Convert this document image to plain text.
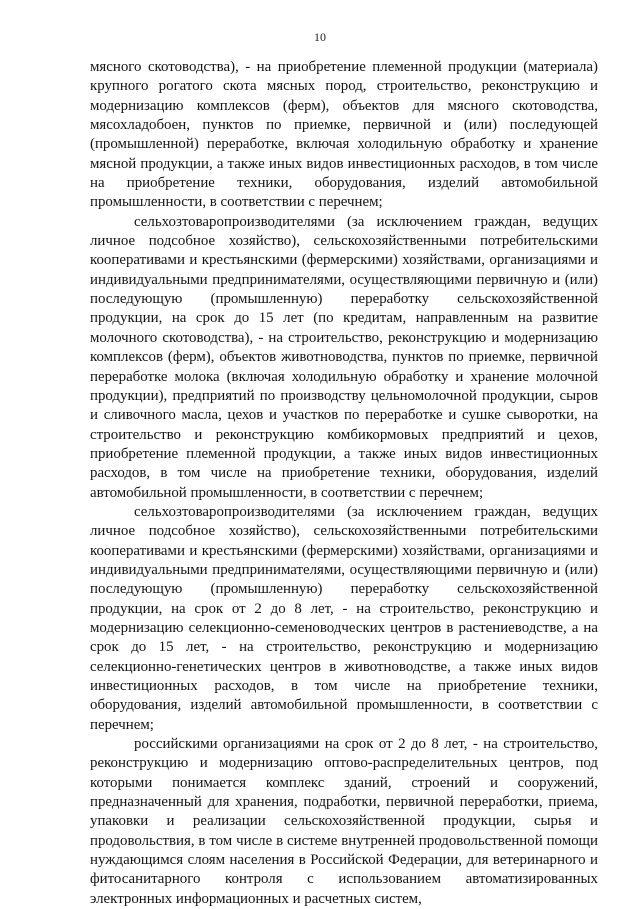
10

мясного скотоводства), - на приобретение племенной продукции (материала) крупного рогатого скота мясных пород, строительство, реконструкцию и модернизацию комплексов (ферм), объектов для мясного скотоводства, мясохладобоен, пунктов по приемке, первичной и (или) последующей (промышленной) переработке, включая холодильную обработку и хранение мясной продукции, а также иных видов инвестиционных расходов, в том числе на приобретение техники, оборудования, изделий автомобильной промышленности, в соответствии с перечнем;

сельхозтоваропроизводителями (за исключением граждан, ведущих личное подсобное хозяйство), сельскохозяйственными потребительскими кооперативами и крестьянскими (фермерскими) хозяйствами, организациями и индивидуальными предпринимателями, осуществляющими первичную и (или) последующую (промышленную) переработку сельскохозяйственной продукции, на срок до 15 лет (по кредитам, направленным на развитие молочного скотоводства), - на строительство, реконструкцию и модернизацию комплексов (ферм), объектов животноводства, пунктов по приемке, первичной переработке молока (включая холодильную обработку и хранение молочной продукции), предприятий по производству цельномолочной продукции, сыров и сливочного масла, цехов и участков по переработке и сушке сыворотки, на строительство и реконструкцию комбикормовых предприятий и цехов, приобретение племенной продукции, а также иных видов инвестиционных расходов, в том числе на приобретение техники, оборудования, изделий автомобильной промышленности, в соответствии с перечнем;

сельхозтоваропроизводителями (за исключением граждан, ведущих личное подсобное хозяйство), сельскохозяйственными потребительскими кооперативами и крестьянскими (фермерскими) хозяйствами, организациями и индивидуальными предпринимателями, осуществляющими первичную и (или) последующую (промышленную) переработку сельскохозяйственной продукции, на срок от 2 до 8 лет, - на строительство, реконструкцию и модернизацию селекционно-семеноводческих центров в растениеводстве, а на срок до 15 лет, - на строительство, реконструкцию и модернизацию селекционно-генетических центров в животноводстве, а также иных видов инвестиционных расходов, в том числе на приобретение техники, оборудования, изделий автомобильной промышленности, в соответствии с перечнем;

российскими организациями на срок от 2 до 8 лет, - на строительство, реконструкцию и модернизацию оптово-распределительных центров, под которыми понимается комплекс зданий, строений и сооружений, предназначенный для хранения, подработки, первичной переработки, приема, упаковки и реализации сельскохозяйственной продукции, сырья и продовольствия, в том числе в системе внутренней продовольственной помощи нуждающимся слоям населения в Российской Федерации, для ветеринарного и фитосанитарного контроля с использованием автоматизированных электронных информационных и расчетных систем,
